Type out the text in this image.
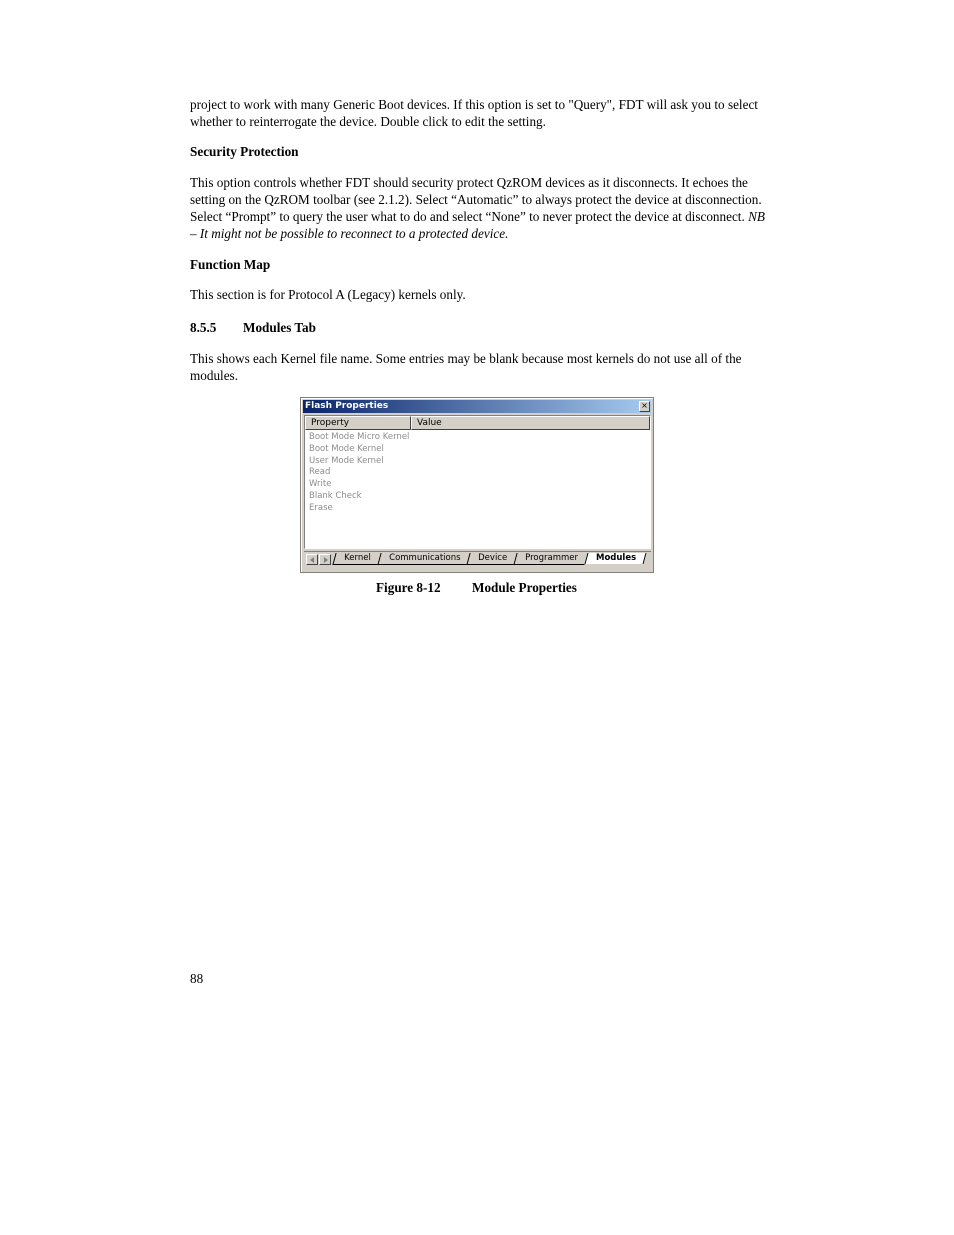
project to work with many Generic Boot devices. If this option is set to "Query", FDT will ask you to select
whether to reinterrogate the device. Double click to edit the setting.

Security Protection

This option controls whether FDT should security protect QzROM devices as it disconnects. It echoes the setting on the QzROM toolbar (see 2.1.2). Select “Automatic” to always protect the device at disconnection. Select “Prompt” to query the user what to do and select “None” to never protect the device at disconnect. NB – It might not be possible to reconnect to a protected device.

Function Map

This section is for Protocol A (Legacy) kernels only.

8.5.5 Modules Tab

This shows each Kernel file name. Some entries may be blank because most kernels do not use all of the modules.

Flash Properties	×
Property	Value
Boot Mode Micro Kernel
Boot Mode Kernel
User Mode Kernel
Read
Write
Blank Check
Erase
Kernel	Communications	Device	Programmer	Modules

Figure 8-12 Module Properties

88
